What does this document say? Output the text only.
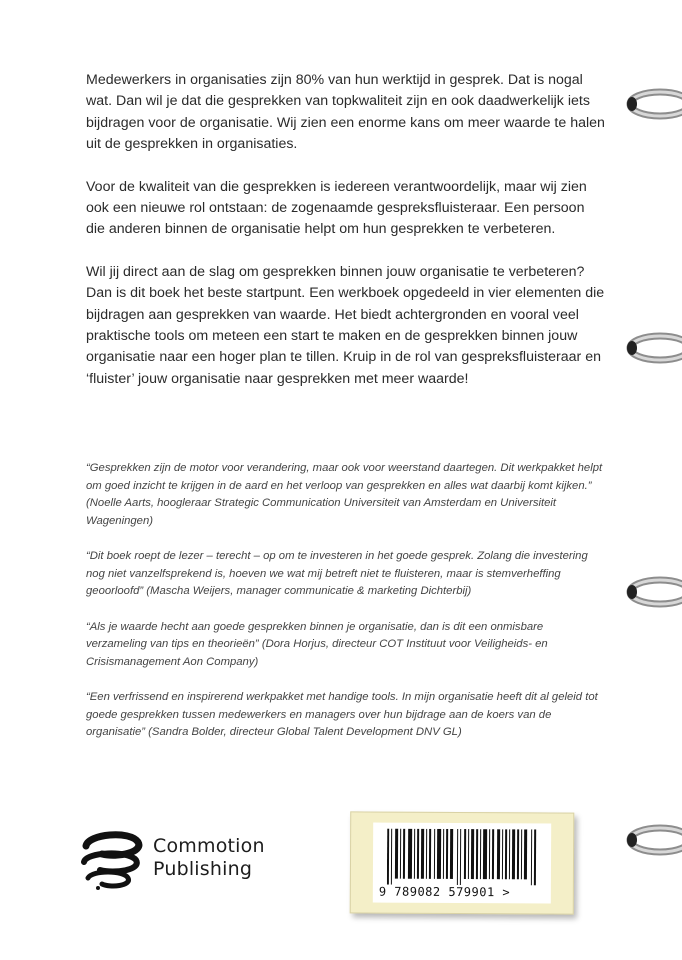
Medewerkers in organisaties zijn 80% van hun werktijd in gesprek. Dat is nogal wat. Dan wil je dat die gesprekken van topkwaliteit zijn en ook daadwerkelijk iets bijdragen voor de organisatie. Wij zien een enorme kans om meer waarde te halen uit de gesprekken in organisaties.

Voor de kwaliteit van die gesprekken is iedereen verantwoordelijk, maar wij zien ook een nieuwe rol ontstaan: de zogenaamde gespreksfluisteraar. Een persoon die anderen binnen de organisatie helpt om hun gesprekken te verbeteren.

Wil jij direct aan de slag om gesprekken binnen jouw organisatie te verbeteren? Dan is dit boek het beste startpunt. Een werkboek opgedeeld in vier elementen die bijdragen aan gesprekken van waarde. Het biedt achtergronden en vooral veel praktische tools om meteen een start te maken en de gesprekken binnen jouw organisatie naar een hoger plan te tillen. Kruip in de rol van gespreksfluisteraar en ‘fluister’ jouw organisatie naar gesprekken met meer waarde!

“Gesprekken zijn de motor voor verandering, maar ook voor weerstand daartegen. Dit werkpakket helpt om goed inzicht te krijgen in de aard en het verloop van gesprekken en alles wat daarbij komt kijken.” (Noelle Aarts, hoogleraar Strategic Communication Universiteit van Amsterdam en Universiteit Wageningen)

“Dit boek roept de lezer – terecht – op om te investeren in het goede gesprek. Zolang die investering nog niet vanzelfsprekend is, hoeven we wat mij betreft niet te fluisteren, maar is stemverheffing geoorloofd” (Mascha Weijers, manager communicatie & marketing Dichterbij)

“Als je waarde hecht aan goede gesprekken binnen je organisatie, dan is dit een onmisbare verzameling van tips en theorieën” (Dora Horjus, directeur COT Instituut voor Veiligheids- en Crisismanagement Aon Company)

“Een verfrissend en inspirerend werkpakket met handige tools. In mijn organisatie heeft dit al geleid tot goede gesprekken tussen medewerkers en managers over hun bijdrage aan de koers van de organisatie” (Sandra Bolder, directeur Global Talent Development DNV GL)

Commotion
Publishing
9 789082 579901 >
